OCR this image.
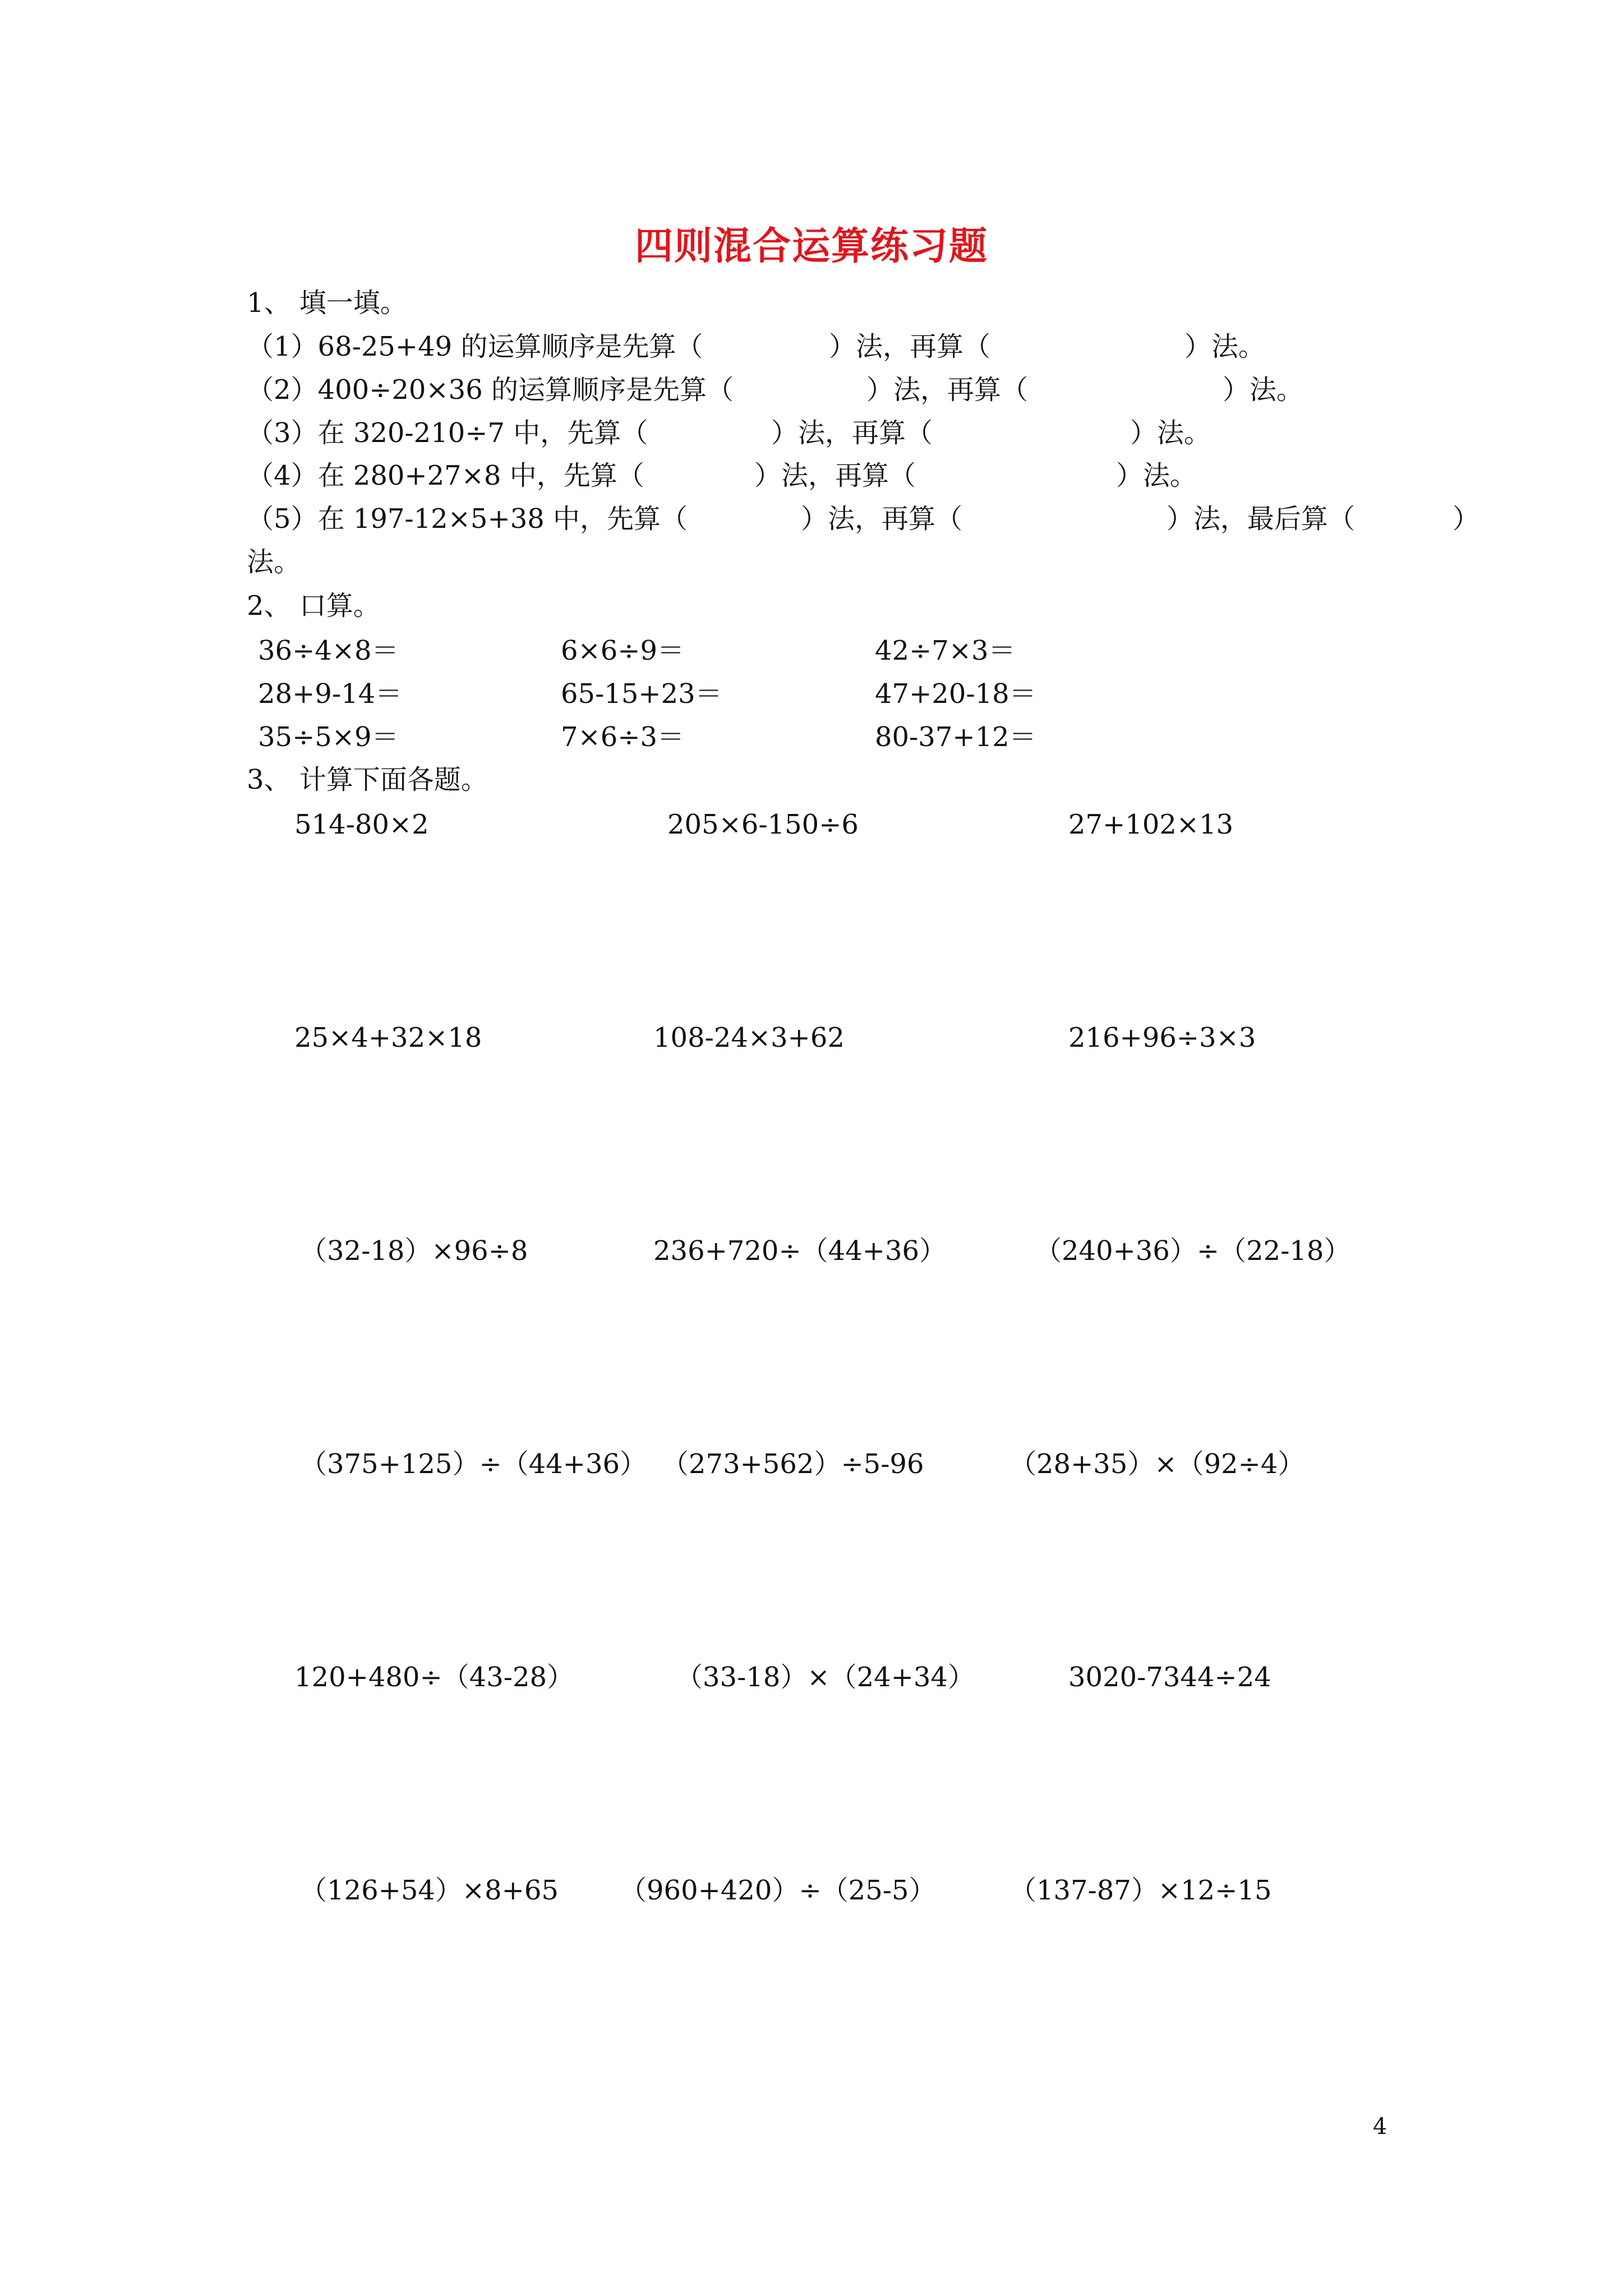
四则混合运算练习题
1、 填一填。
（1）68-25+49 的运算顺序是先算（	）法，再算（	）法。
（2）400÷20×36 的运算顺序是先算（	）法，再算（	）法。
（3）在 320-210÷7 中，先算（	）法，再算（	）法。
（4）在 280+27×8 中，先算（	）法，再算（	）法。
（5）在 197-12×5+38 中，先算（	）法，再算（	）法，最后算（	）
法。
2、 口算。
36÷4×8＝	6×6÷9＝	42÷7×3＝
28+9-14＝	65-15+23＝	47+20-18＝
35÷5×9＝	7×6÷3＝	80-37+12＝
3、 计算下面各题。
514-80×2	205×6-150÷6	27+102×13
25×4+32×18	108-24×3+62	216+96÷3×3
（32-18）×96÷8	236+720÷（44+36）	（240+36）÷（22-18）
（375+125）÷（44+36） （273+562）÷5-96	（28+35）×（92÷4）
120+480÷（43-28）	（33-18）×（24+34）	3020-7344÷24
（126+54）×8+65 （960+420）÷（25-5）	（137-87）×12÷15
4
